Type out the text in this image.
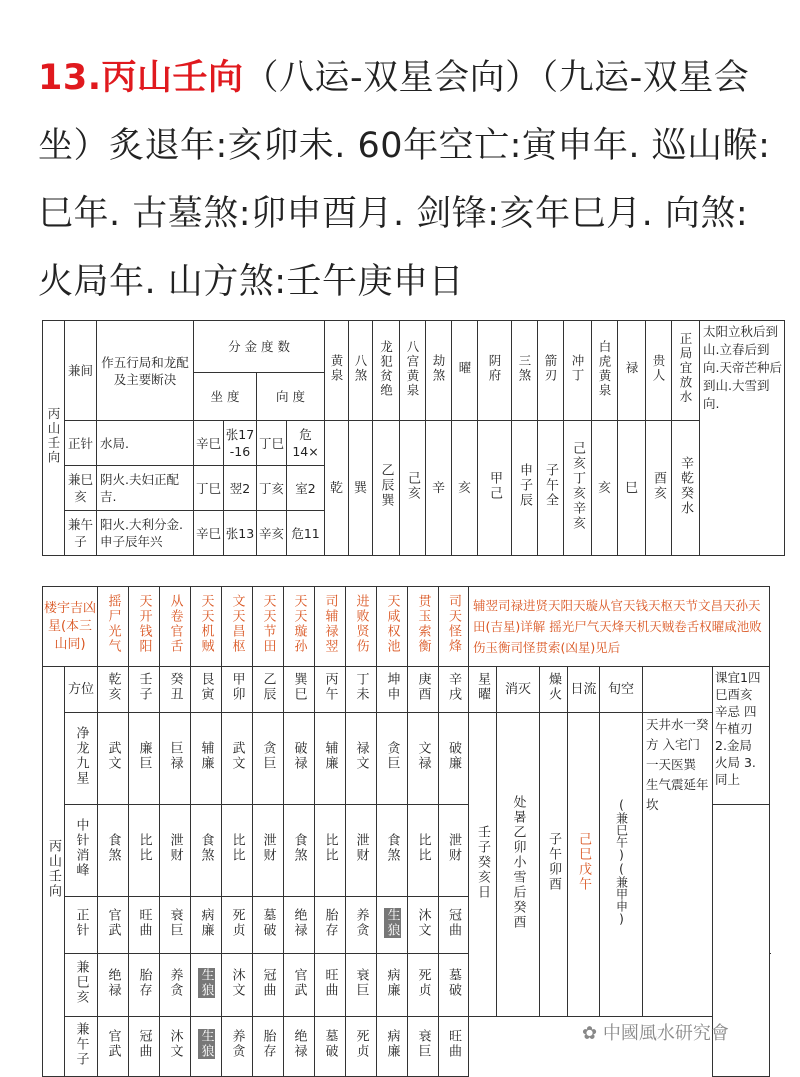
13.丙山壬向（八运-双星会向）（九运-双星会坐）炙退年:亥卯未. 60年空亡:寅申年. 巡山睺:巳年. 古墓煞:卯申酉月. 剑锋:亥年巳月. 向煞:火局年. 山方煞:壬午庚申日
丙山壬向	兼间	作五行局和龙配及主要断决	分 金 度 数				黄泉	八煞	龙犯贫绝	八宫黄泉	劫煞	曜	阴府	三煞	箭刃	冲丁	白虎黄泉	禄	贵人	正局宜放水	太阳立秋后到山.立春后到向.天帝芒种后到山.大雪到向.
			坐 度		向 度																

	正针	水局.	辛巳	张17 -16	丁巳	危14×	乾	巽	乙辰巽	己亥	辛	亥	甲己	申子辰	子午全	己亥丁亥辛亥	亥	巳	酉亥	辛乾癸水	
	兼巳亥	阴火.夫妇正配吉.	丁巳	翌2	丁亥	室2															
	兼午子	阳火.大利分金.申子辰年兴	辛巳	张13	辛亥	危11															
楼宇吉凶星(本三山同)		摇尸光气	天开钱阳	从卷官舌	天天机贼	文天昌枢	天天节田	天天璇孙	司辅禄翌	进败贤伤	天咸权池	贯玉索衡	司天怪烽	辅翌司禄进贤天阳天璇从官天钱天枢天节文昌天孙天田(吉星)详解 摇光尸气天烽天机天贼卷舌权曜咸池败伤玉衡司怪贯索(凶星)见后							
丙山壬向	方位	乾亥	壬子	癸丑	艮寅	甲卯	乙辰	巽巳	丙午	丁未	坤申	庚酉	辛戌	星曜	消灭	燥火	日流	旬空		课宜1四巳酉亥 辛忌 四午植刃 2.金局 火局 3.同上	
	净龙九星	武文	廉巨	巨禄	辅廉	武文	贪巨	破禄	辅廉	禄文	贪巨	文禄	破廉	壬子癸亥日	处暑乙卯小雪后癸酉	子午卯酉	己巳戊午	(兼巳午)(兼甲申)	天井水一癸方 入宅门一天医巽 生气震延年坎		
	中针消峰	食煞	比比	泄财	食煞	比比	泄财	食煞	比比	泄财	食煞	比比	泄财								
	正针	官武	旺曲	衰巨	病廉	死贞	墓破	绝禄	胎存	养贪	生狼	沐文	冠曲								
	兼巳亥	绝禄	胎存	养贪	生狼	沐文	冠曲	官武	旺曲	衰巨	病廉	死贞	墓破								
	兼午子	官武	冠曲	沐文	生狼	养贪	胎存	绝禄	墓破	死贞	病廉	衰巨	旺曲									✿ 中國風水研究會
